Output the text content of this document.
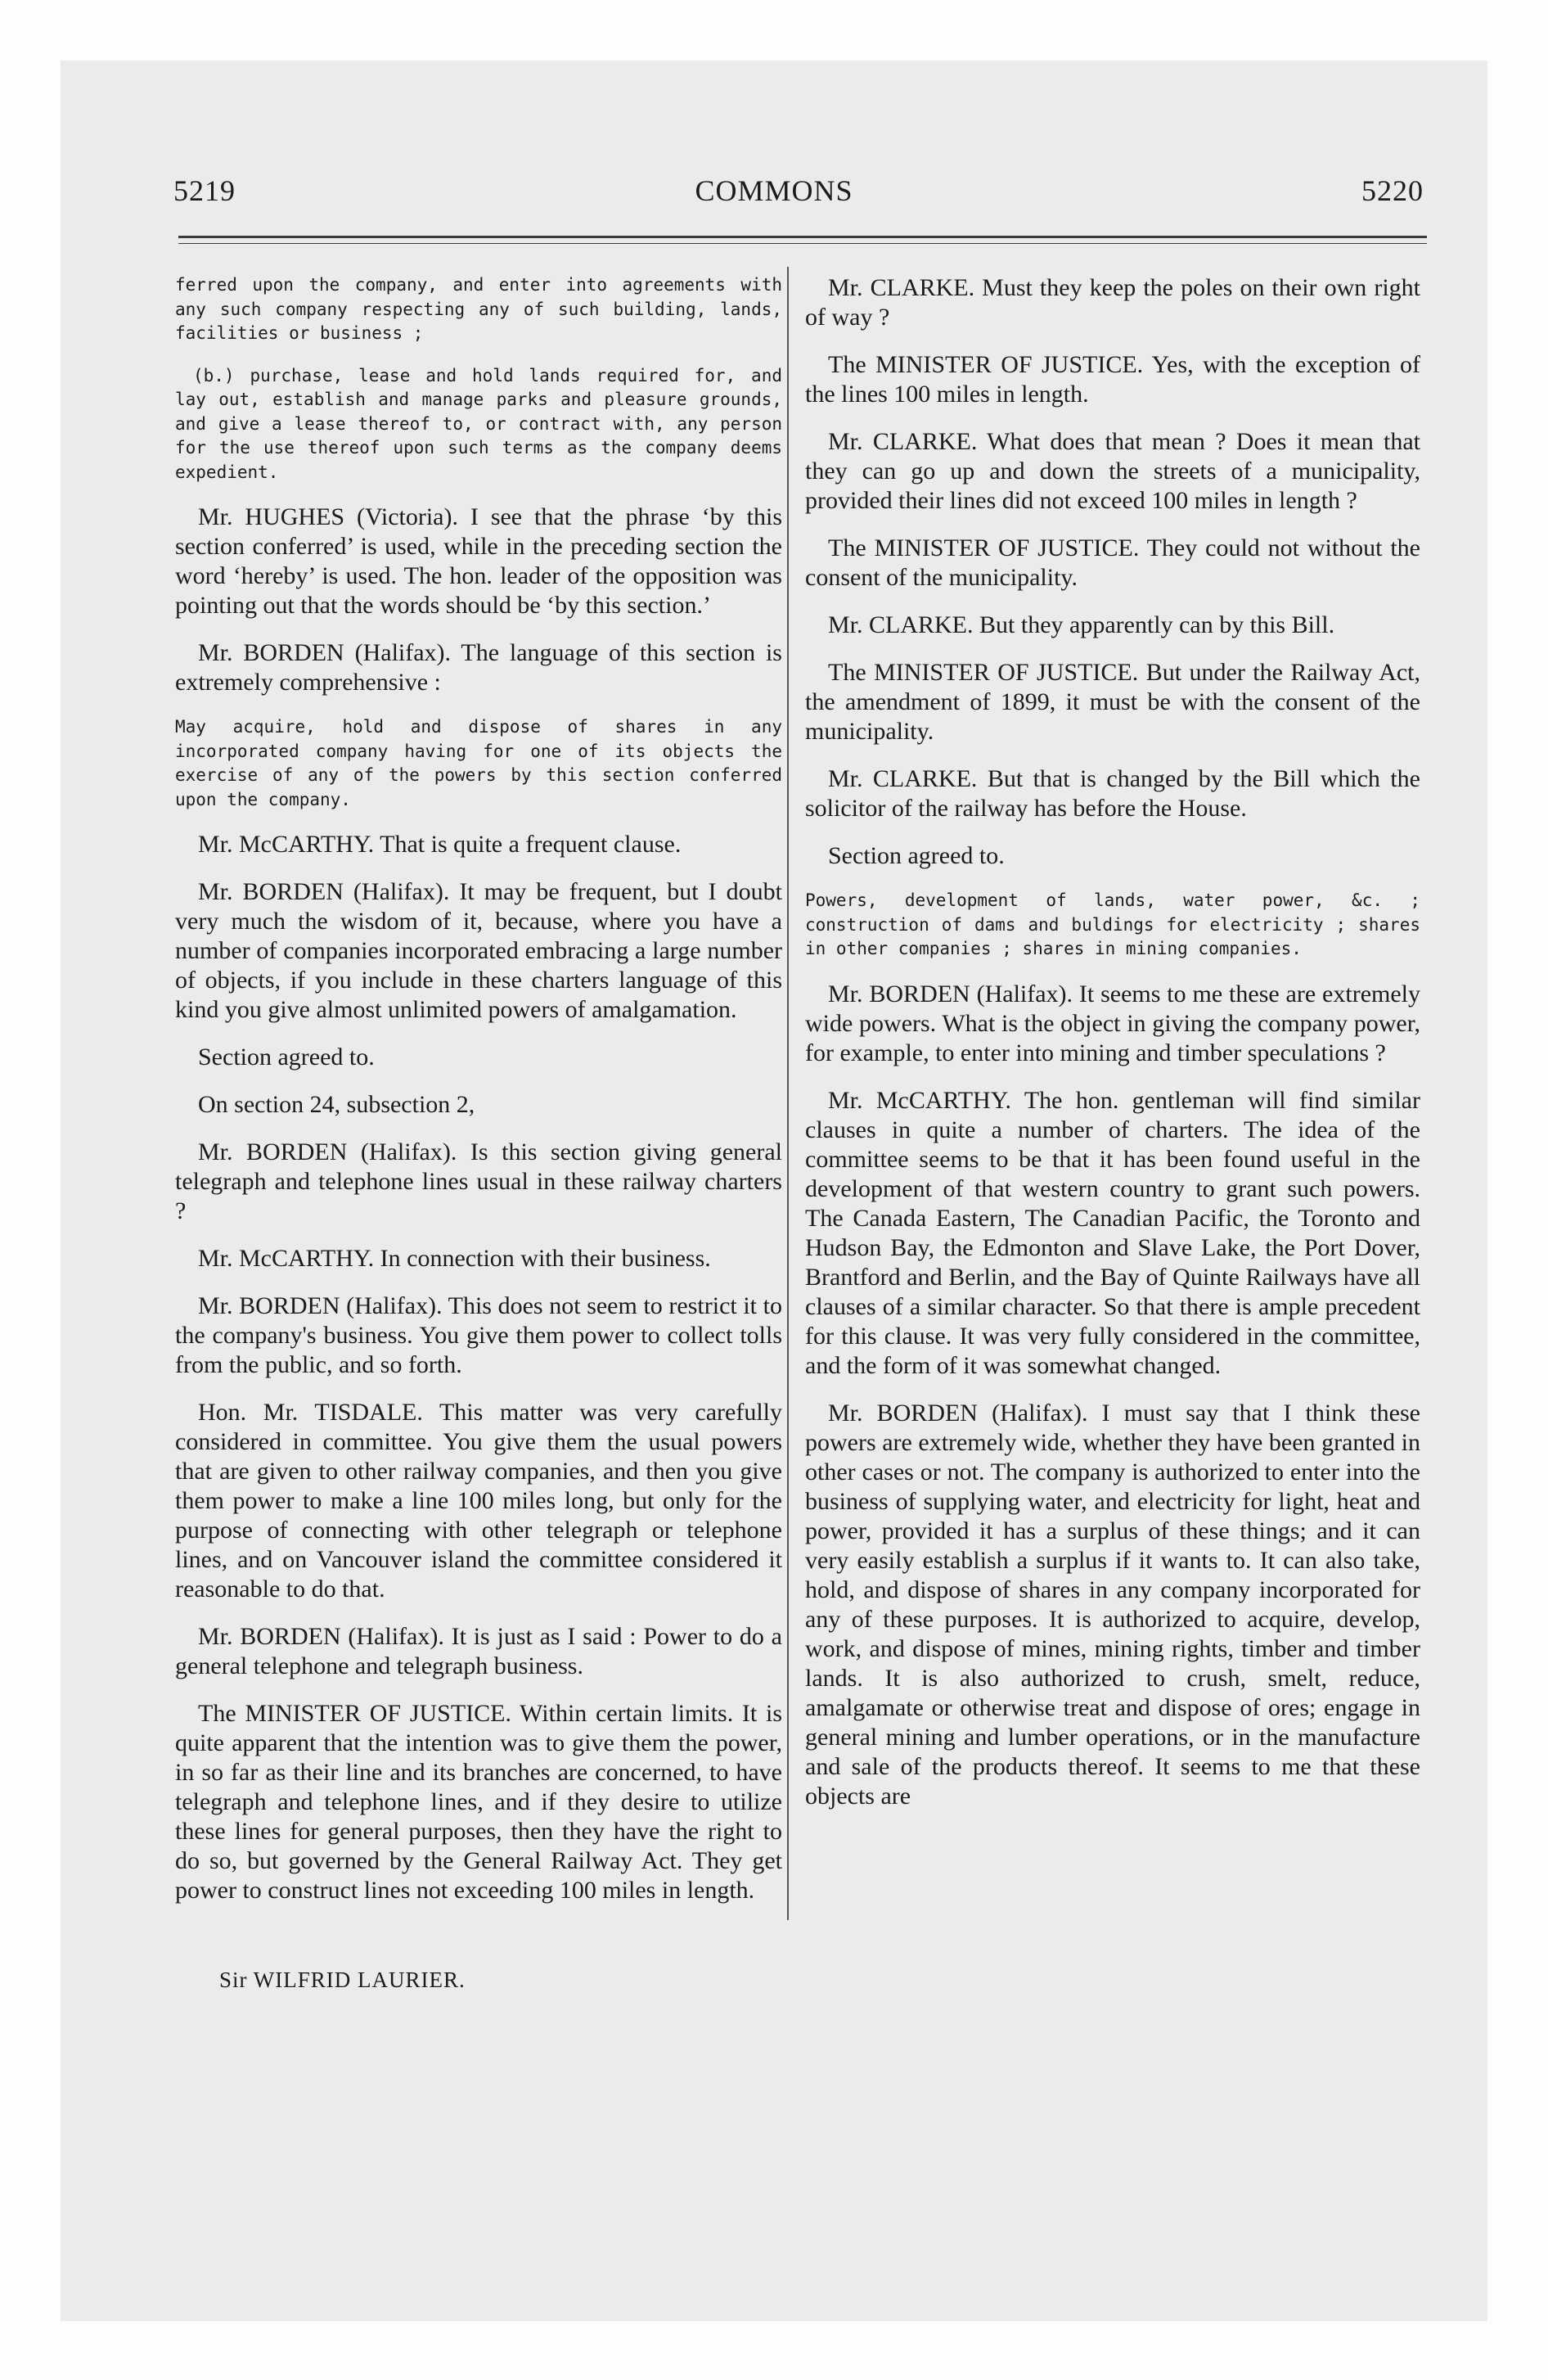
5219	COMMONS	5220

ferred upon the company, and enter into agreements with any such company respecting any of such building, lands, facilities or business ;

(b.) purchase, lease and hold lands required for, and lay out, establish and manage parks and pleasure grounds, and give a lease thereof to, or contract with, any person for the use thereof upon such terms as the company deems expedient.

Mr. HUGHES (Victoria). I see that the phrase ‘by this section conferred’ is used, while in the preceding section the word ‘hereby’ is used. The hon. leader of the opposition was pointing out that the words should be ‘by this section.’

Mr. BORDEN (Halifax). The language of this section is extremely comprehensive :

May acquire, hold and dispose of shares in any incorporated company having for one of its objects the exercise of any of the powers by this section conferred upon the company.

Mr. McCARTHY. That is quite a frequent clause.

Mr. BORDEN (Halifax). It may be frequent, but I doubt very much the wisdom of it, because, where you have a number of companies incorporated embracing a large number of objects, if you include in these charters language of this kind you give almost unlimited powers of amalgamation.

Section agreed to.

On section 24, subsection 2,

Mr. BORDEN (Halifax). Is this section giving general telegraph and telephone lines usual in these railway charters ?

Mr. McCARTHY. In connection with their business.

Mr. BORDEN (Halifax). This does not seem to restrict it to the company's business. You give them power to collect tolls from the public, and so forth.

Hon. Mr. TISDALE. This matter was very carefully considered in committee. You give them the usual powers that are given to other railway companies, and then you give them power to make a line 100 miles long, but only for the purpose of connecting with other telegraph or telephone lines, and on Vancouver island the committee considered it reasonable to do that.

Mr. BORDEN (Halifax). It is just as I said : Power to do a general telephone and telegraph business.

The MINISTER OF JUSTICE. Within certain limits. It is quite apparent that the intention was to give them the power, in so far as their line and its branches are concerned, to have telegraph and telephone lines, and if they desire to utilize these lines for general purposes, then they have the right to do so, but governed by the General Railway Act. They get power to construct lines not exceeding 100 miles in length.

Sir WILFRID LAURIER.

Mr. CLARKE. Must they keep the poles on their own right of way ?

The MINISTER OF JUSTICE. Yes, with the exception of the lines 100 miles in length.

Mr. CLARKE. What does that mean ? Does it mean that they can go up and down the streets of a municipality, provided their lines did not exceed 100 miles in length ?

The MINISTER OF JUSTICE. They could not without the consent of the municipality.

Mr. CLARKE. But they apparently can by this Bill.

The MINISTER OF JUSTICE. But under the Railway Act, the amendment of 1899, it must be with the consent of the municipality.

Mr. CLARKE. But that is changed by the Bill which the solicitor of the railway has before the House.

Section agreed to.

Powers, development of lands, water power, &c. ; construction of dams and buldings for electricity ; shares in other companies ; shares in mining companies.

Mr. BORDEN (Halifax). It seems to me these are extremely wide powers. What is the object in giving the company power, for example, to enter into mining and timber speculations ?

Mr. McCARTHY. The hon. gentleman will find similar clauses in quite a number of charters. The idea of the committee seems to be that it has been found useful in the development of that western country to grant such powers. The Canada Eastern, The Canadian Pacific, the Toronto and Hudson Bay, the Edmonton and Slave Lake, the Port Dover, Brantford and Berlin, and the Bay of Quinte Railways have all clauses of a similar character. So that there is ample precedent for this clause. It was very fully considered in the committee, and the form of it was somewhat changed.

Mr. BORDEN (Halifax). I must say that I think these powers are extremely wide, whether they have been granted in other cases or not. The company is authorized to enter into the business of supplying water, and electricity for light, heat and power, provided it has a surplus of these things; and it can very easily establish a surplus if it wants to. It can also take, hold, and dispose of shares in any company incorporated for any of these purposes. It is authorized to acquire, develop, work, and dispose of mines, mining rights, timber and timber lands. It is also authorized to crush, smelt, reduce, amalgamate or otherwise treat and dispose of ores; engage in general mining and lumber operations, or in the manufacture and sale of the products thereof. It seems to me that these objects are
